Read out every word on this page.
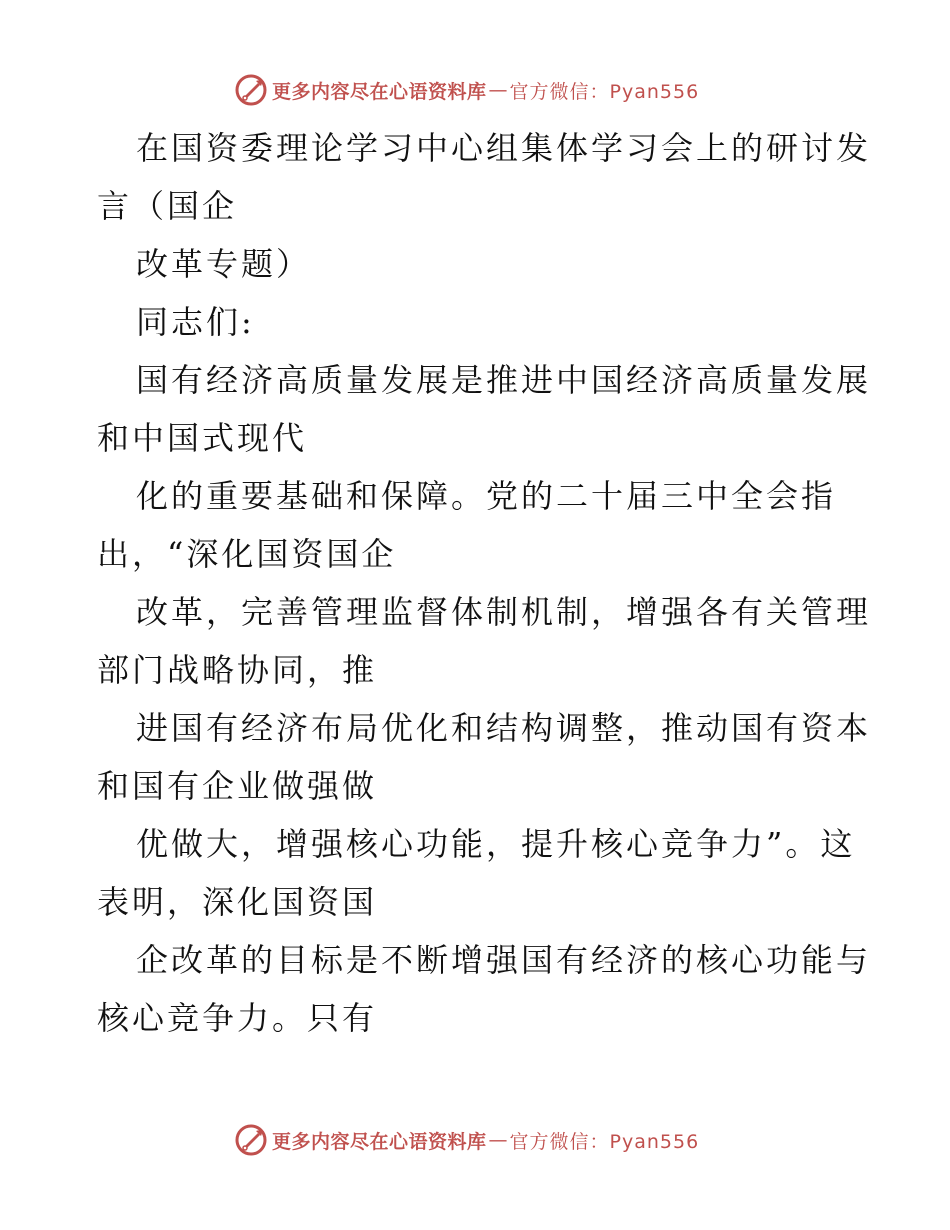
更多内容尽在心语资料库 — 官方微信：Pyan556
在国资委理论学习中心组集体学习会上的研讨发
言（国企
改革专题）
同志们:
国有经济高质量发展是推进中国经济高质量发展
和中国式现代
化的重要基础和保障。党的二十届三中全会指
出，“深化国资国企
改革，完善管理监督体制机制，增强各有关管理
部门战略协同，推
进国有经济布局优化和结构调整，推动国有资本
和国有企业做强做
优做大，增强核心功能，提升核心竞争力”。这
表明，深化国资国
企改革的目标是不断增强国有经济的核心功能与
核心竞争力。只有
更多内容尽在心语资料库 — 官方微信：Pyan556
